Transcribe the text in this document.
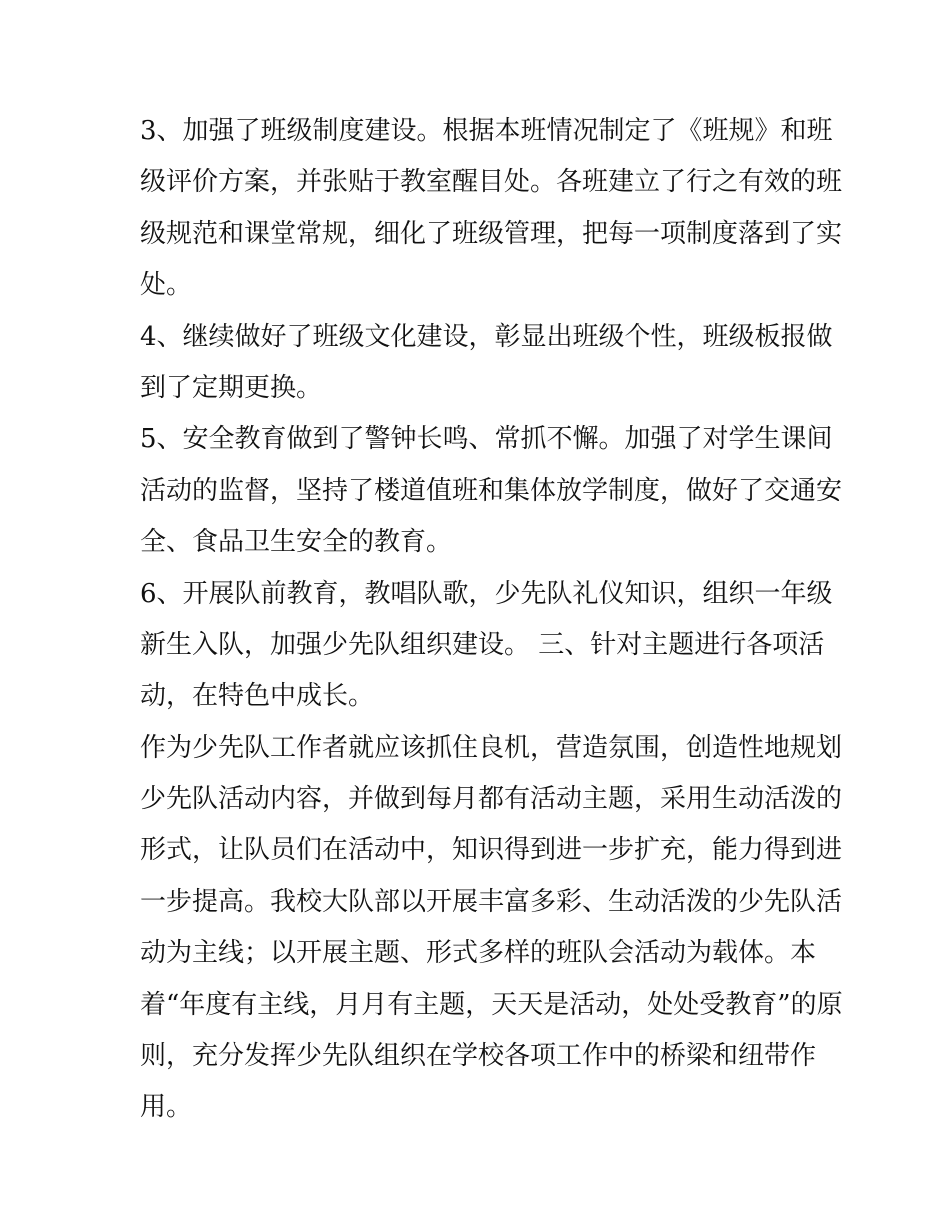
3、加强了班级制度建设。根据本班情况制定了《班规》和班
级评价方案，并张贴于教室醒目处。各班建立了行之有效的班
级规范和课堂常规，细化了班级管理，把每一项制度落到了实
处。
4、继续做好了班级文化建设，彰显出班级个性，班级板报做
到了定期更换。
5、安全教育做到了警钟长鸣、常抓不懈。加强了对学生课间
活动的监督，坚持了楼道值班和集体放学制度，做好了交通安
全、食品卫生安全的教育。
6、开展队前教育，教唱队歌，少先队礼仪知识，组织一年级
新生入队，加强少先队组织建设。 三、针对主题进行各项活
动，在特色中成长。
作为少先队工作者就应该抓住良机，营造氛围，创造性地规划
少先队活动内容，并做到每月都有活动主题，采用生动活泼的
形式，让队员们在活动中，知识得到进一步扩充，能力得到进
一步提高。我校大队部以开展丰富多彩、生动活泼的少先队活
动为主线；以开展主题、形式多样的班队会活动为载体。本
着“年度有主线，月月有主题，天天是活动，处处受教育”的原
则，充分发挥少先队组织在学校各项工作中的桥梁和纽带作
用。
